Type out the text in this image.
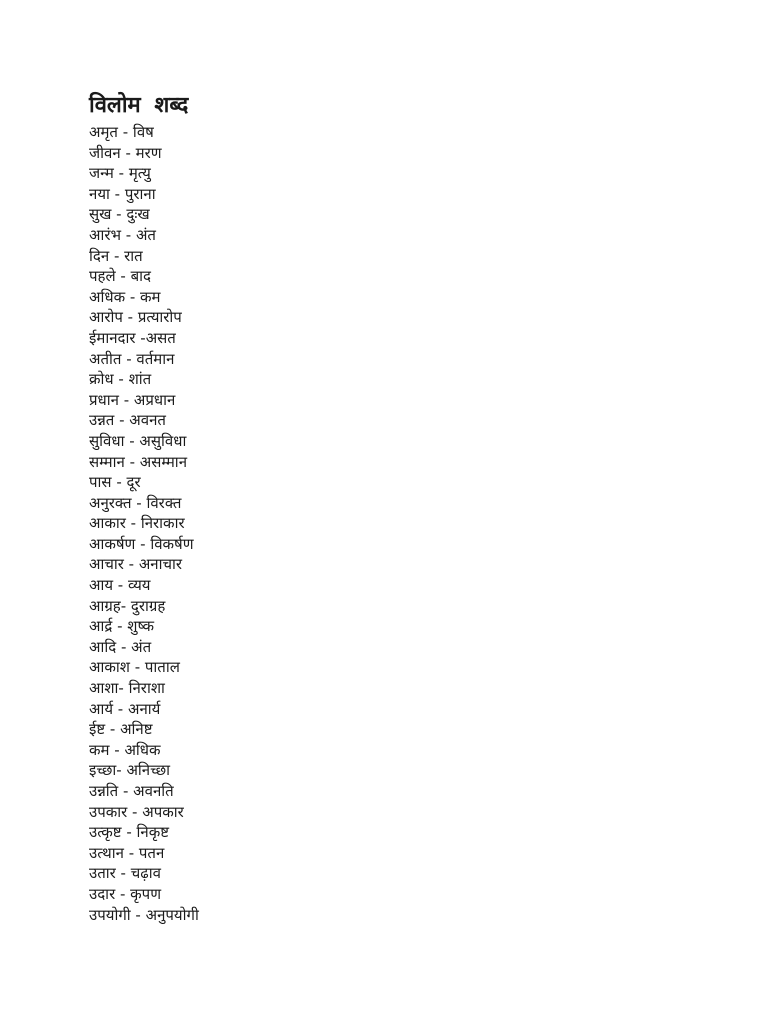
विलोम शब्द
अमृत - विष
जीवन - मरण
जन्म - मृत्यु
नया - पुराना
सुख - दुःख
आरंभ - अंत
दिन - रात
पहले - बाद
अधिक - कम
आरोप - प्रत्यारोप
ईमानदार -असत
अतीत - वर्तमान
क्रोध - शांत
प्रधान - अप्रधान
उन्नत - अवनत
सुविधा - असुविधा
सम्मान - असम्मान
पास - दूर
अनुरक्त - विरक्त
आकार - निराकार
आकर्षण - विकर्षण
आचार - अनाचार
आय - व्यय
आग्रह- दुराग्रह
आर्द्र - शुष्क
आदि - अंत
आकाश - पाताल
आशा- निराशा
आर्य - अनार्य
ईष्ट - अनिष्ट
कम - अधिक
इच्छा- अनिच्छा
उन्नति - अवनति
उपकार - अपकार
उत्कृष्ट - निकृष्ट
उत्थान - पतन
उतार - चढ़ाव
उदार - कृपण
उपयोगी - अनुपयोगी
